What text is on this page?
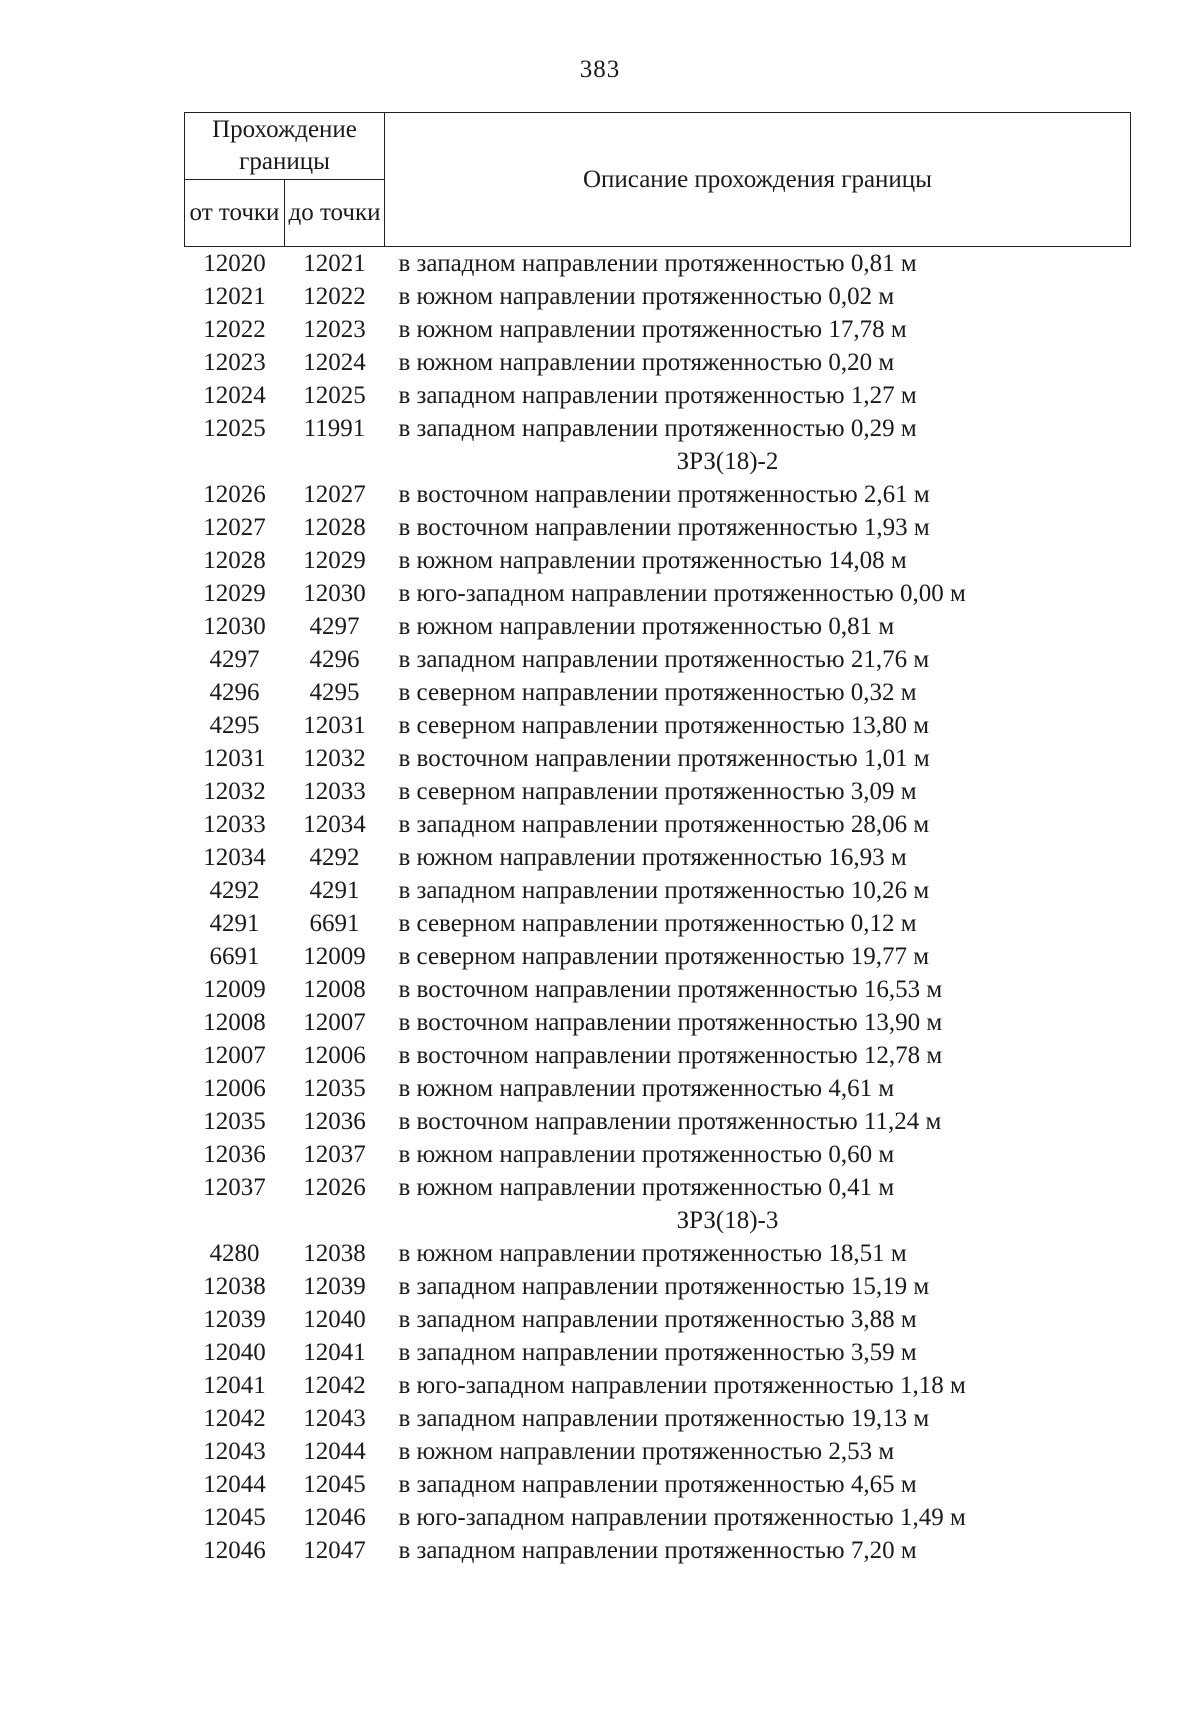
383
Прохождение границы		Описание прохождения границы
от точки	до точки	
12020	12021	в западном направлении протяженностью 0,81 м
12021	12022	в южном направлении протяженностью 0,02 м
12022	12023	в южном направлении протяженностью 17,78 м
12023	12024	в южном направлении протяженностью 0,20 м
12024	12025	в западном направлении протяженностью 1,27 м
12025	11991	в западном направлении протяженностью 0,29 м
ЗРЗ(18)-2		
12026	12027	в восточном направлении протяженностью 2,61 м
12027	12028	в восточном направлении протяженностью 1,93 м
12028	12029	в южном направлении протяженностью 14,08 м
12029	12030	в юго-западном направлении протяженностью 0,00 м
12030	4297	в южном направлении протяженностью 0,81 м
4297	4296	в западном направлении протяженностью 21,76 м
4296	4295	в северном направлении протяженностью 0,32 м
4295	12031	в северном направлении протяженностью 13,80 м
12031	12032	в восточном направлении протяженностью 1,01 м
12032	12033	в северном направлении протяженностью 3,09 м
12033	12034	в западном направлении протяженностью 28,06 м
12034	4292	в южном направлении протяженностью 16,93 м
4292	4291	в западном направлении протяженностью 10,26 м
4291	6691	в северном направлении протяженностью 0,12 м
6691	12009	в северном направлении протяженностью 19,77 м
12009	12008	в восточном направлении протяженностью 16,53 м
12008	12007	в восточном направлении протяженностью 13,90 м
12007	12006	в восточном направлении протяженностью 12,78 м
12006	12035	в южном направлении протяженностью 4,61 м
12035	12036	в восточном направлении протяженностью 11,24 м
12036	12037	в южном направлении протяженностью 0,60 м
12037	12026	в южном направлении протяженностью 0,41 м
ЗРЗ(18)-3		
4280	12038	в южном направлении протяженностью 18,51 м
12038	12039	в западном направлении протяженностью 15,19 м
12039	12040	в западном направлении протяженностью 3,88 м
12040	12041	в западном направлении протяженностью 3,59 м
12041	12042	в юго-западном направлении протяженностью 1,18 м
12042	12043	в западном направлении протяженностью 19,13 м
12043	12044	в южном направлении протяженностью 2,53 м
12044	12045	в западном направлении протяженностью 4,65 м
12045	12046	в юго-западном направлении протяженностью 1,49 м
12046	12047	в западном направлении протяженностью 7,20 м
